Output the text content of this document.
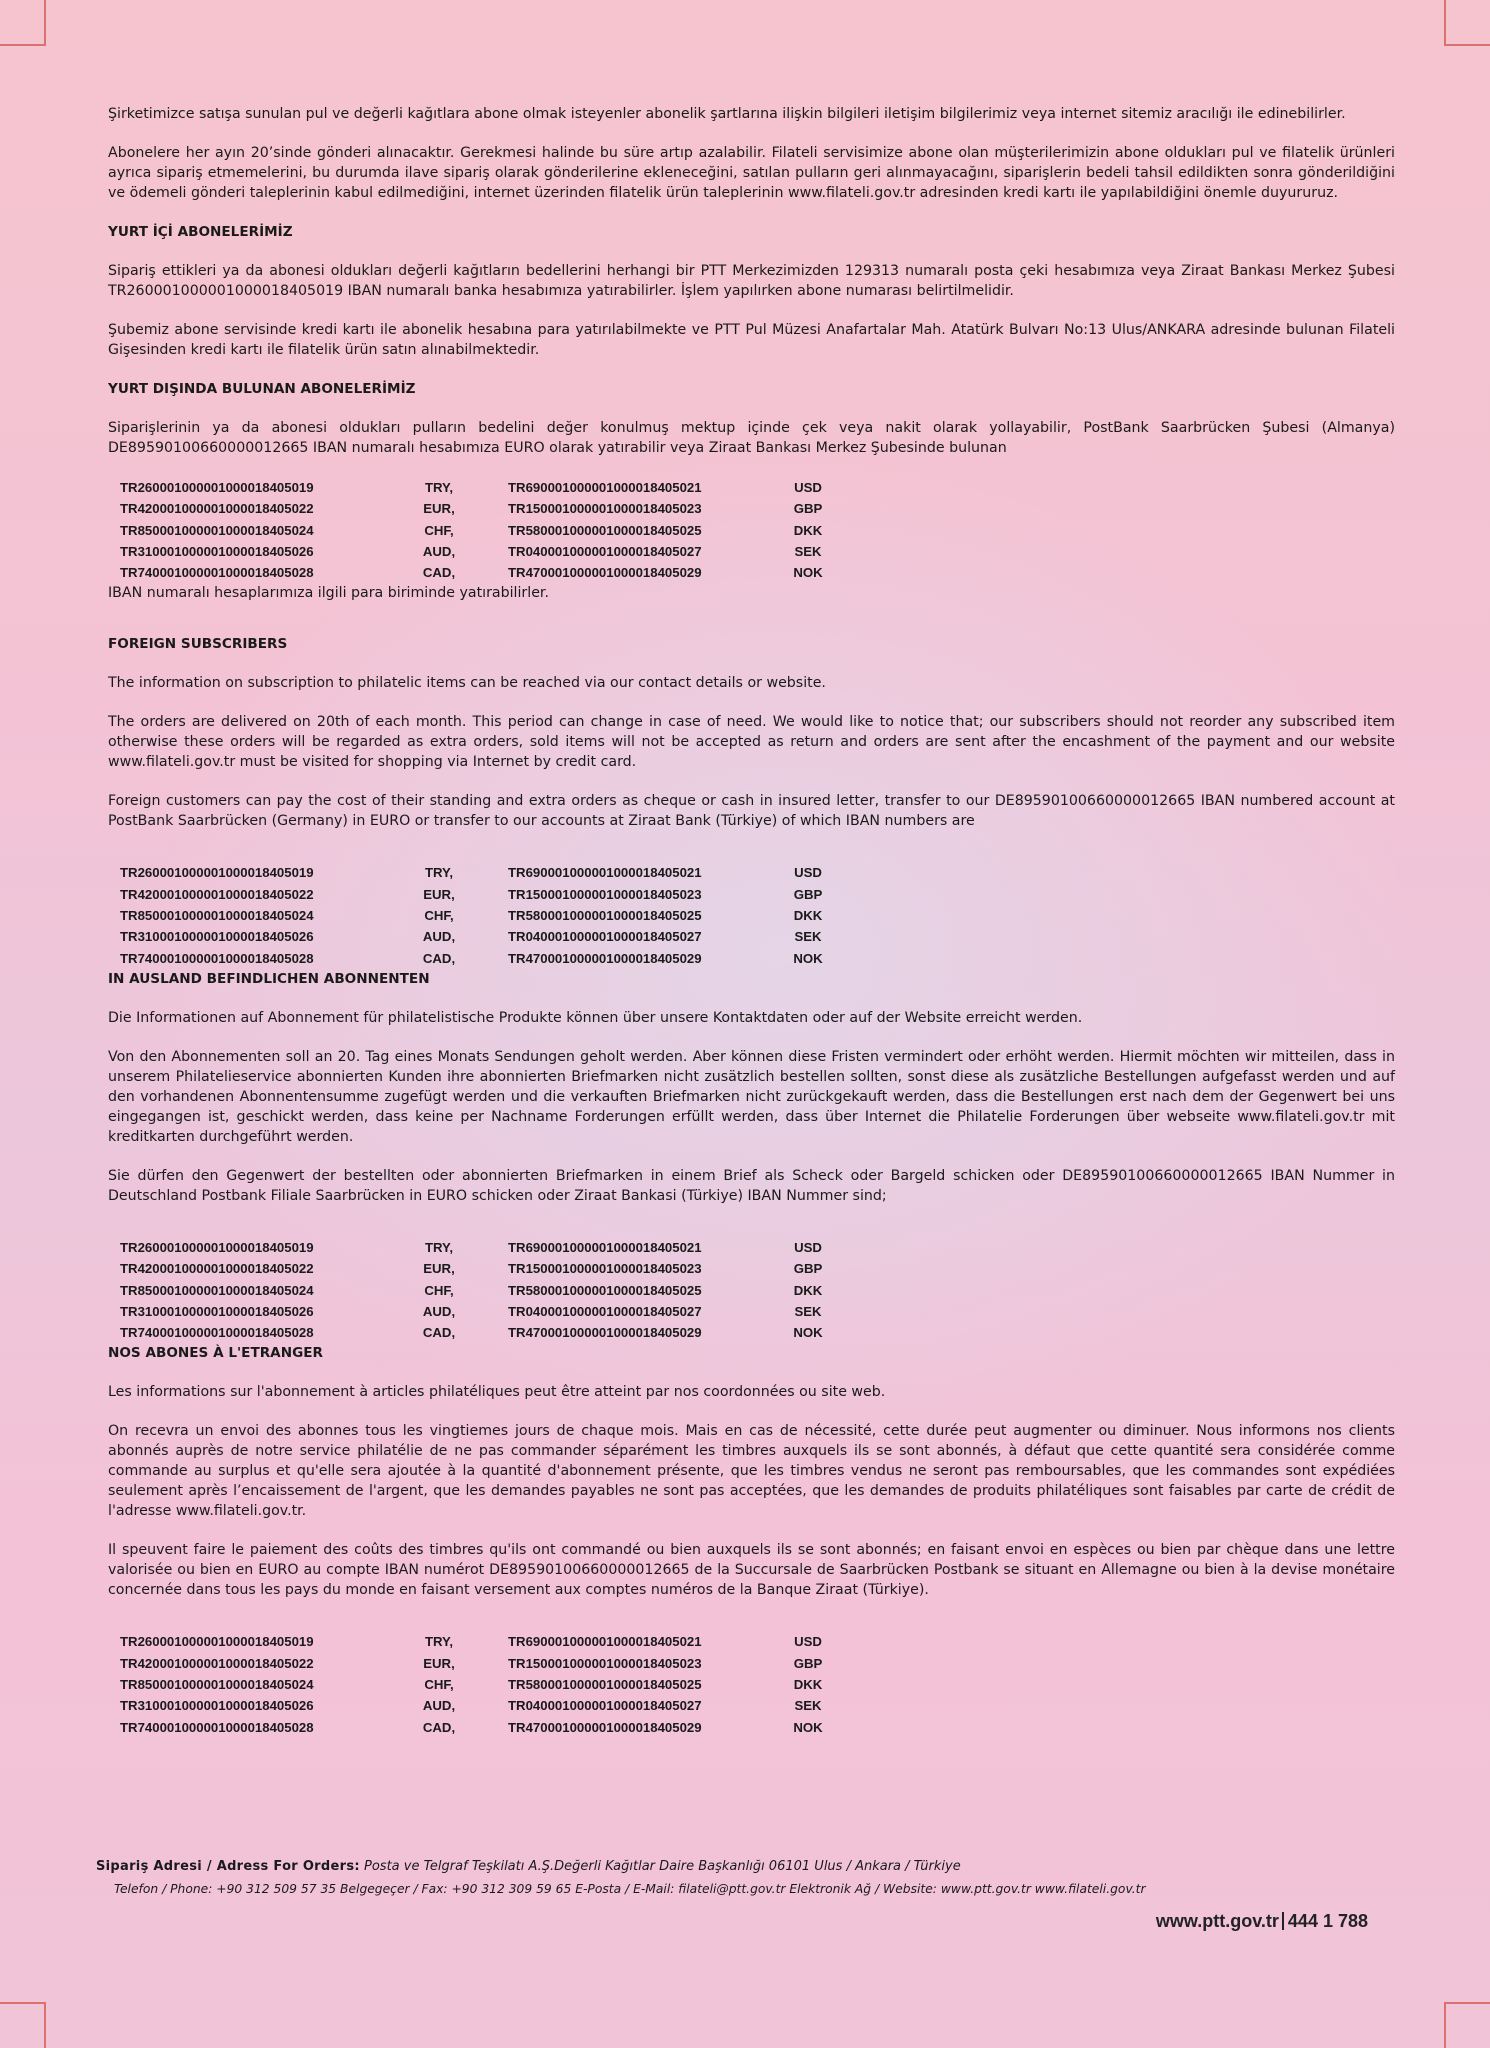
Şirketimizce satışa sunulan pul ve değerli kağıtlara abone olmak isteyenler abonelik şartlarına ilişkin bilgileri iletişim bilgilerimiz veya internet sitemiz aracılığı ile edinebilirler.

Abonelere her ayın 20’sinde gönderi alınacaktır. Gerekmesi halinde bu süre artıp azalabilir. Filateli servisimize abone olan müşterilerimizin abone oldukları pul ve filatelik ürünleri ayrıca sipariş etmemelerini, bu durumda ilave sipariş olarak gönderilerine ekleneceğini, satılan pulların geri alınmayacağını, siparişlerin bedeli tahsil edildikten sonra gönderildiğini ve ödemeli gönderi taleplerinin kabul edilmediğini, internet üzerinden filatelik ürün taleplerinin www.filateli.gov.tr adresinden kredi kartı ile yapılabildiğini önemle duyururuz.

YURT İÇİ ABONELERİMİZ

Sipariş ettikleri ya da abonesi oldukları değerli kağıtların bedellerini herhangi bir PTT Merkezimizden 129313 numaralı posta çeki hesabımıza veya Ziraat Bankası Merkez Şubesi TR260001000001000018405019 IBAN numaralı banka hesabımıza yatırabilirler. İşlem yapılırken abone numarası belirtilmelidir.

Şubemiz abone servisinde kredi kartı ile abonelik hesabına para yatırılabilmekte ve PTT Pul Müzesi Anafartalar Mah. Atatürk Bulvarı No:13 Ulus/ANKARA adresinde bulunan Filateli Gişesinden kredi kartı ile filatelik ürün satın alınabilmektedir.

YURT DIŞINDA BULUNAN ABONELERİMİZ

Siparişlerinin ya da abonesi oldukları pulların bedelini değer konulmuş mektup içinde çek veya nakit olarak yollayabilir, PostBank Saarbrücken Şubesi (Almanya) DE89590100660000012665 IBAN numaralı hesabımıza EURO olarak yatırabilir veya Ziraat Bankası Merkez Şubesinde bulunan

TR260001000001000018405019	TRY,	TR690001000001000018405021	USD
TR420001000001000018405022	EUR,	TR150001000001000018405023	GBP
TR850001000001000018405024	CHF,	TR580001000001000018405025	DKK
TR310001000001000018405026	AUD,	TR040001000001000018405027	SEK
TR740001000001000018405028	CAD,	TR470001000001000018405029	NOK

IBAN numaralı hesaplarımıza ilgili para biriminde yatırabilirler.

FOREIGN SUBSCRIBERS

The information on subscription to philatelic items can be reached via our contact details or website.

The orders are delivered on 20th of each month. This period can change in case of need. We would like to notice that; our subscribers should not reorder any subscribed item otherwise these orders will be regarded as extra orders, sold items will not be accepted as return and orders are sent after the encashment of the payment and our website www.filateli.gov.tr must be visited for shopping via Internet by credit card.

Foreign customers can pay the cost of their standing and extra orders as cheque or cash in insured letter, transfer to our DE89590100660000012665 IBAN numbered account at PostBank Saarbrücken (Germany) in EURO or transfer to our accounts at Ziraat Bank (Türkiye) of which IBAN numbers are

TR260001000001000018405019	TRY,	TR690001000001000018405021	USD
TR420001000001000018405022	EUR,	TR150001000001000018405023	GBP
TR850001000001000018405024	CHF,	TR580001000001000018405025	DKK
TR310001000001000018405026	AUD,	TR040001000001000018405027	SEK
TR740001000001000018405028	CAD,	TR470001000001000018405029	NOK

IN AUSLAND BEFINDLICHEN ABONNENTEN

Die Informationen auf Abonnement für philatelistische Produkte können über unsere Kontaktdaten oder auf der Website erreicht werden.

Von den Abonnementen soll an 20. Tag eines Monats Sendungen geholt werden. Aber können diese Fristen vermindert oder erhöht werden. Hiermit möchten wir mitteilen, dass in unserem Philatelieservice abonnierten Kunden ihre abonnierten Briefmarken nicht zusätzlich bestellen sollten, sonst diese als zusätzliche Bestellungen aufgefasst werden und auf den vorhandenen Abonnentensumme zugefügt werden und die verkauften Briefmarken nicht zurückgekauft werden, dass die Bestellungen erst nach dem der Gegenwert bei uns eingegangen ist, geschickt werden, dass keine per Nachname Forderungen erfüllt werden, dass über Internet die Philatelie Forderungen über webseite www.filateli.gov.tr mit kreditkarten durchgeführt werden.

Sie dürfen den Gegenwert der bestellten oder abonnierten Briefmarken in einem Brief als Scheck oder Bargeld schicken oder DE89590100660000012665 IBAN Nummer in Deutschland Postbank Filiale Saarbrücken in EURO schicken oder Ziraat Bankasi (Türkiye) IBAN Nummer sind;

TR260001000001000018405019	TRY,	TR690001000001000018405021	USD
TR420001000001000018405022	EUR,	TR150001000001000018405023	GBP
TR850001000001000018405024	CHF,	TR580001000001000018405025	DKK
TR310001000001000018405026	AUD,	TR040001000001000018405027	SEK
TR740001000001000018405028	CAD,	TR470001000001000018405029	NOK

NOS ABONES À L'ETRANGER

Les informations sur l'abonnement à articles philatéliques peut être atteint par nos coordonnées ou site web.

On recevra un envoi des abonnes tous les vingtiemes jours de chaque mois. Mais en cas de nécessité, cette durée peut augmenter ou diminuer. Nous informons nos clients abonnés auprès de notre service philatélie de ne pas commander séparément les timbres auxquels ils se sont abonnés, à défaut que cette quantité sera considérée comme commande au surplus et qu'elle sera ajoutée à la quantité d'abonnement présente, que les timbres vendus ne seront pas remboursables, que les commandes sont expédiées seulement après l’encaissement de l'argent, que les demandes payables ne sont pas acceptées, que les demandes de produits philatéliques sont faisables par carte de crédit de l'adresse www.filateli.gov.tr.

Il speuvent faire le paiement des coûts des timbres qu'ils ont commandé ou bien auxquels ils se sont abonnés; en faisant envoi en espèces ou bien par chèque dans une lettre valorisée ou bien en EURO au compte IBAN numérot DE89590100660000012665 de la Succursale de Saarbrücken Postbank se situant en Allemagne ou bien à la devise monétaire concernée dans tous les pays du monde en faisant versement aux comptes numéros de la Banque Ziraat (Türkiye).

TR260001000001000018405019	TRY,	TR690001000001000018405021	USD
TR420001000001000018405022	EUR,	TR150001000001000018405023	GBP
TR850001000001000018405024	CHF,	TR580001000001000018405025	DKK
TR310001000001000018405026	AUD,	TR040001000001000018405027	SEK
TR740001000001000018405028	CAD,	TR470001000001000018405029	NOK
Sipariş Adresi / Adress For Orders: Posta ve Telgraf Teşkilatı A.Ş.Değerli Kağıtlar Daire Başkanlığı 06101 Ulus / Ankara / Türkiye
Telefon / Phone: +90 312 509 57 35 Belgegeçer / Fax: +90 312 309 59 65 E-Posta / E-Mail: filateli@ptt.gov.tr Elektronik Ağ / Website: www.ptt.gov.tr www.filateli.gov.tr
www.ptt.gov.tr 444 1 788
